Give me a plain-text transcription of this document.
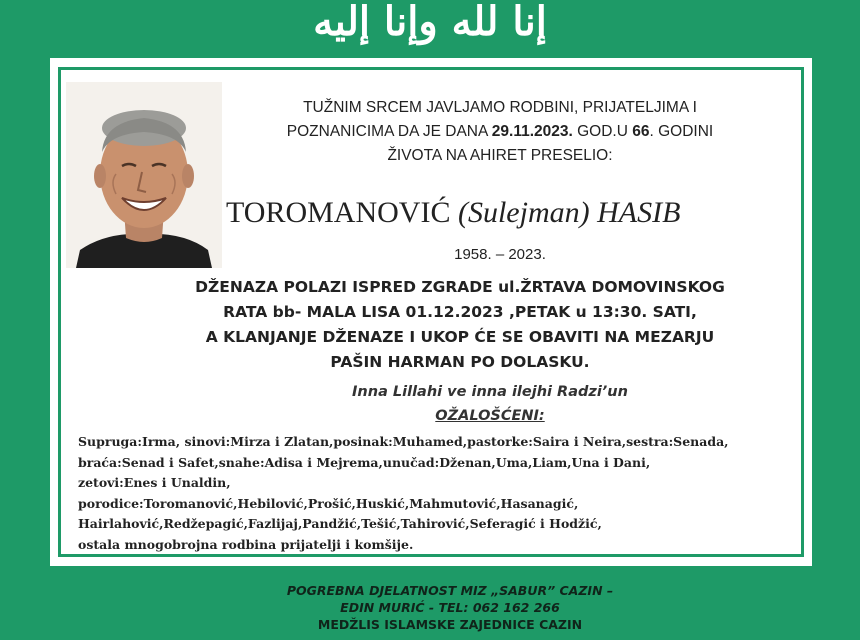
إنا لله وإنا إليه
TUŽNIM SRCEM JAVLJAMO RODBINI, PRIJATELJIMA I
POZNANICIMA DA JE DANA 29.11.2023. GOD.U 66. GODINI
ŽIVOTA NA AHIRET PRESELIO:
TOROMANOVIĆ (Sulejman) HASIB
1958. – 2023.
DŽENAZA POLAZI ISPRED ZGRADE ul.ŽRTAVA DOMOVINSKOG
RATA bb- MALA LISA 01.12.2023 ,PETAK u 13:30. SATI,
A KLANJANJE DŽENAZE I UKOP ĆE SE OBAVITI NA MEZARJU
PAŠIN HARMAN PO DOLASKU.
Inna Lillahi ve inna ilejhi Radzi’un
OŽALOŠĆENI:
Supruga:Irma, sinovi:Mirza i Zlatan,posinak:Muhamed,pastorke:Saira i Neira,sestra:Senada,
braća:Senad i Safet,snahe:Adisa i Mejrema,unučad:Dženan,Uma,Liam,Una i Dani,
zetovi:Enes i Unaldin,
porodice:Toromanović,Hebilović,Prošić,Huskić,Mahmutović,Hasanagić,
Hairlahović,Redžepagić,Fazlijaj,Pandžić,Tešić,Tahirović,Seferagić i Hodžić,
ostala mnogobrojna rodbina prijatelji i komšije.
POGREBNA DJELATNOST MIZ „SABUR” CAZIN –
EDIN MURIĆ - TEL: 062 162 266
MEDŽLIS ISLAMSKE ZAJEDNICE CAZIN
